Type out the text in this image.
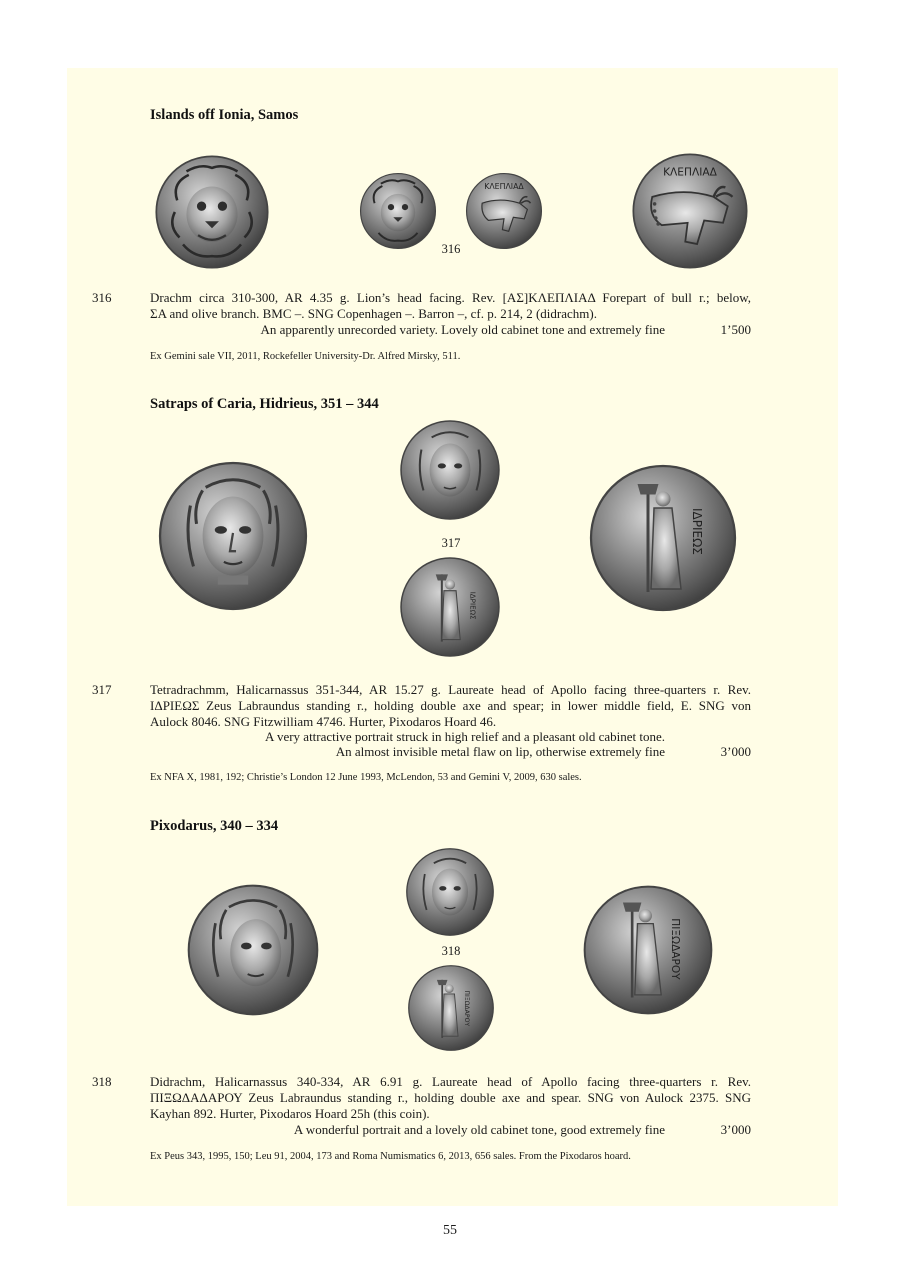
Islands off Ionia, Samos
ΚΛΕΠΛΙΑΔ
ΚΛΕΠΛΙΑΔ
316
316	Drachm circa 310-300, AR 4.35 g. Lion’s head facing. Rev. [ΑΣ]ΚΛΕΠΛΙΑΔ Forepart of bull r.; below,
ΣΑ and olive branch. BMC –. SNG Copenhagen –. Barron –, cf. p. 214, 2 (didrachm).
An apparently unrecorded variety. Lovely old cabinet tone and extremely fine	1’500
Ex Gemini sale VII, 2011, Rockefeller University-Dr. Alfred Mirsky, 511.
Satraps of Caria, Hidrieus, 351 – 344
ΙΔΡΙΕΩΣ
ΙΔΡΙΕΩΣ
317
317	Tetradrachmm, Halicarnassus 351-344, AR 15.27 g. Laureate head of Apollo facing three-quarters r. Rev.
ΙΔΡΙΕΩΣ Zeus Labraundus standing r., holding double axe and spear; in lower middle field, E. SNG von
Aulock 8046. SNG Fitzwilliam 4746. Hurter, Pixodaros Hoard 46.
A very attractive portrait struck in high relief and a pleasant old cabinet tone.
An almost invisible metal flaw on lip, otherwise extremely fine	3’000
Ex NFA X, 1981, 192; Christie’s London 12 June 1993, McLendon, 53 and Gemini V, 2009, 630 sales.
Pixodarus, 340 – 334
ΠΙΞΩΔΑΡΟΥ
ΠΙΞΩΔΑΡΟΥ
318
318	Didrachm, Halicarnassus 340-334, AR 6.91 g. Laureate head of Apollo facing three-quarters r. Rev.
ΠΙΞΩΔΑΔΑΡΟΥ Zeus Labraundus standing r., holding double axe and spear. SNG von Aulock 2375. SNG
Kayhan 892. Hurter, Pixodaros Hoard 25h (this coin).
A wonderful portrait and a lovely old cabinet tone, good extremely fine	3’000
Ex Peus 343, 1995, 150; Leu 91, 2004, 173 and Roma Numismatics 6, 2013, 656 sales. From the Pixodaros hoard.
55
